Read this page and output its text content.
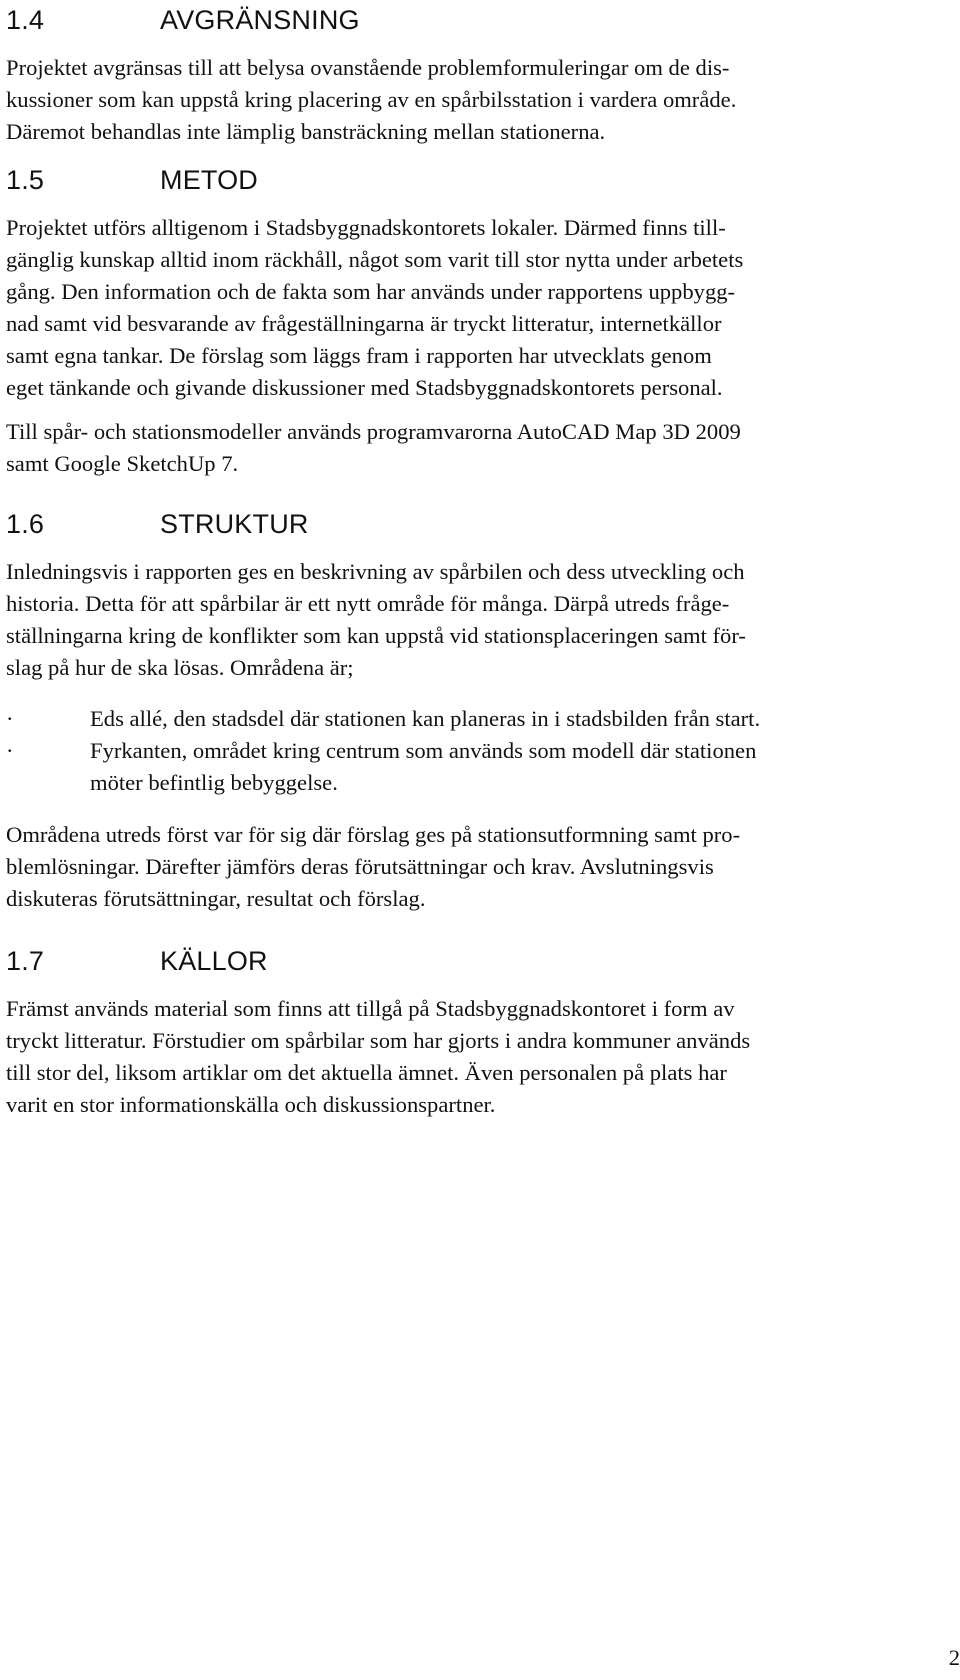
1.4	AVGRÄNSNING

Projektet avgränsas till att belysa ovanstående problemformuleringar om de dis-
kussioner som kan uppstå kring placering av en spårbilsstation i vardera område.
Däremot behandlas inte lämplig bansträckning mellan stationerna.

1.5	METOD

Projektet utförs alltigenom i Stadsbyggnadskontorets lokaler. Därmed finns till-
gänglig kunskap alltid inom räckhåll, något som varit till stor nytta under arbetets
gång. Den information och de fakta som har används under rapportens uppbygg-
nad samt vid besvarande av frågeställningarna är tryckt litteratur, internetkällor
samt egna tankar. De förslag som läggs fram i rapporten har utvecklats genom
eget tänkande och givande diskussioner med Stadsbyggnadskontorets personal.

Till spår- och stationsmodeller används programvarorna AutoCAD Map 3D 2009
samt Google SketchUp 7.

1.6	STRUKTUR

Inledningsvis i rapporten ges en beskrivning av spårbilen och dess utveckling och
historia. Detta för att spårbilar är ett nytt område för många. Därpå utreds fråge-
ställningarna kring de konflikter som kan uppstå vid stationsplaceringen samt för-
slag på hur de ska lösas. Områdena är;

·	Eds allé, den stadsdel där stationen kan planeras in i stadsbilden från start.
·	Fyrkanten, området kring centrum som används som modell där stationen
möter befintlig bebyggelse.

Områdena utreds först var för sig där förslag ges på stationsutformning samt pro-
blemlösningar. Därefter jämförs deras förutsättningar och krav. Avslutningsvis
diskuteras förutsättningar, resultat och förslag.

1.7	KÄLLOR

Främst används material som finns att tillgå på Stadsbyggnadskontoret i form av
tryckt litteratur. Förstudier om spårbilar som har gjorts i andra kommuner används
till stor del, liksom artiklar om det aktuella ämnet. Även personalen på plats har
varit en stor informationskälla och diskussionspartner.

2
